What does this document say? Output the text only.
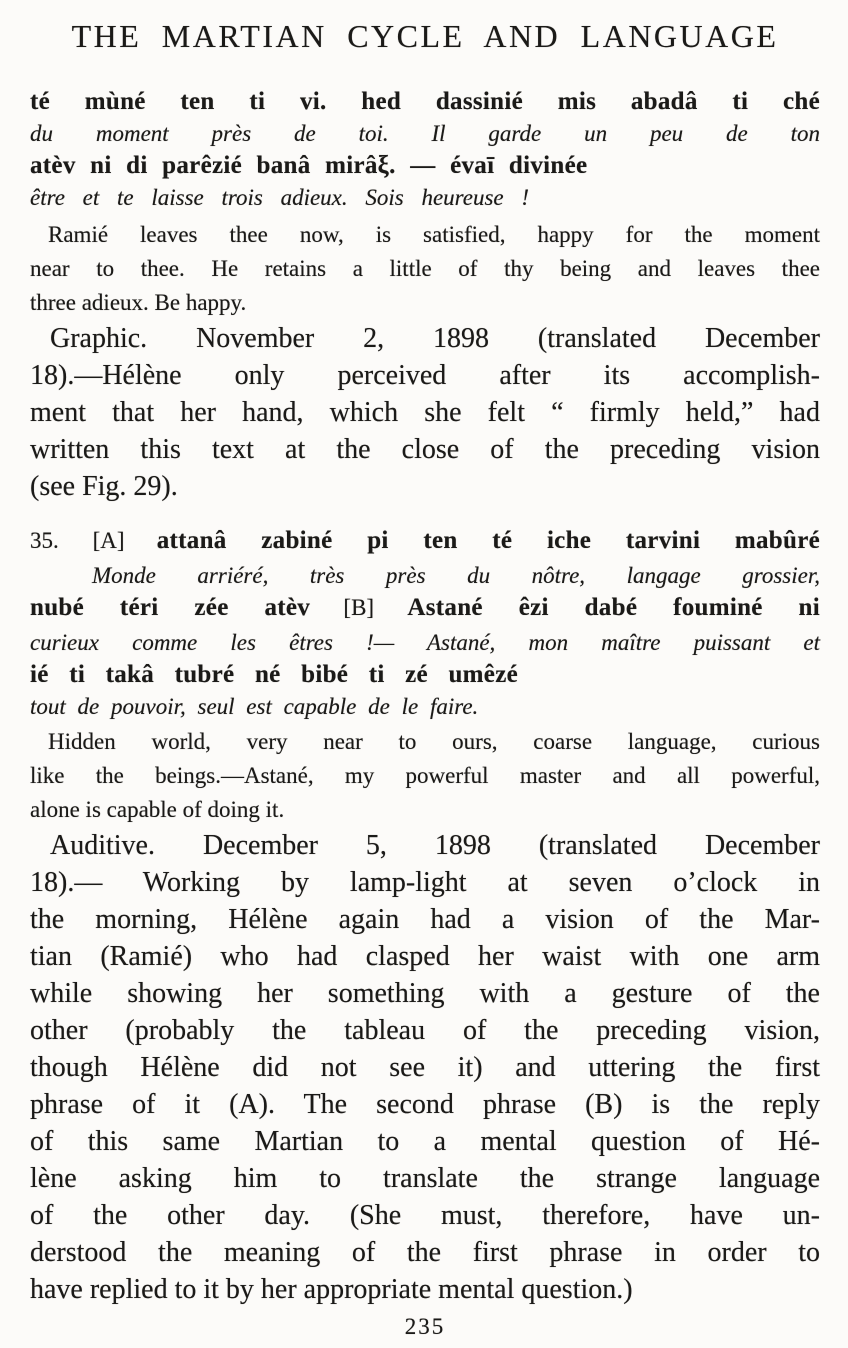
THE MARTIAN CYCLE AND LANGUAGE
té mùné ten ti vi. hed dassinié mis abadâ ti ché
du moment près de toi. Il garde un peu de ton
atèv ni di parêzié banâ mirâξ. — évaī divinée
être et te laisse trois adieux. Sois heureuse !
Ramié leaves thee now, is satisfied, happy for the moment
near to thee. He retains a little of thy being and leaves thee
three adieux. Be happy.
Graphic. November 2, 1898 (translated December
18).—Hélène only perceived after its accomplish-
ment that her hand, which she felt “ firmly held,” had
written this text at the close of the preceding vision
(see Fig. 29).
35. [A] attanâ zabiné pi ten té iche tarvini mabûré
Monde arriéré, très près du nôtre, langage grossier,
nubé téri zée atèv [B] Astané êzi dabé fouminé ni
curieux comme les êtres !— Astané, mon maître puissant et
ié ti takâ tubré né bibé ti zé umêzé
tout de pouvoir, seul est capable de le faire.
Hidden world, very near to ours, coarse language, curious
like the beings.—Astané, my powerful master and all powerful,
alone is capable of doing it.
Auditive. December 5, 1898 (translated December
18).— Working by lamp-light at seven o’clock in
the morning, Hélène again had a vision of the Mar-
tian (Ramié) who had clasped her waist with one arm
while showing her something with a gesture of the
other (probably the tableau of the preceding vision,
though Hélène did not see it) and uttering the first
phrase of it (A). The second phrase (B) is the reply
of this same Martian to a mental question of Hé-
lène asking him to translate the strange language
of the other day. (She must, therefore, have un-
derstood the meaning of the first phrase in order to
have replied to it by her appropriate mental question.)
235
